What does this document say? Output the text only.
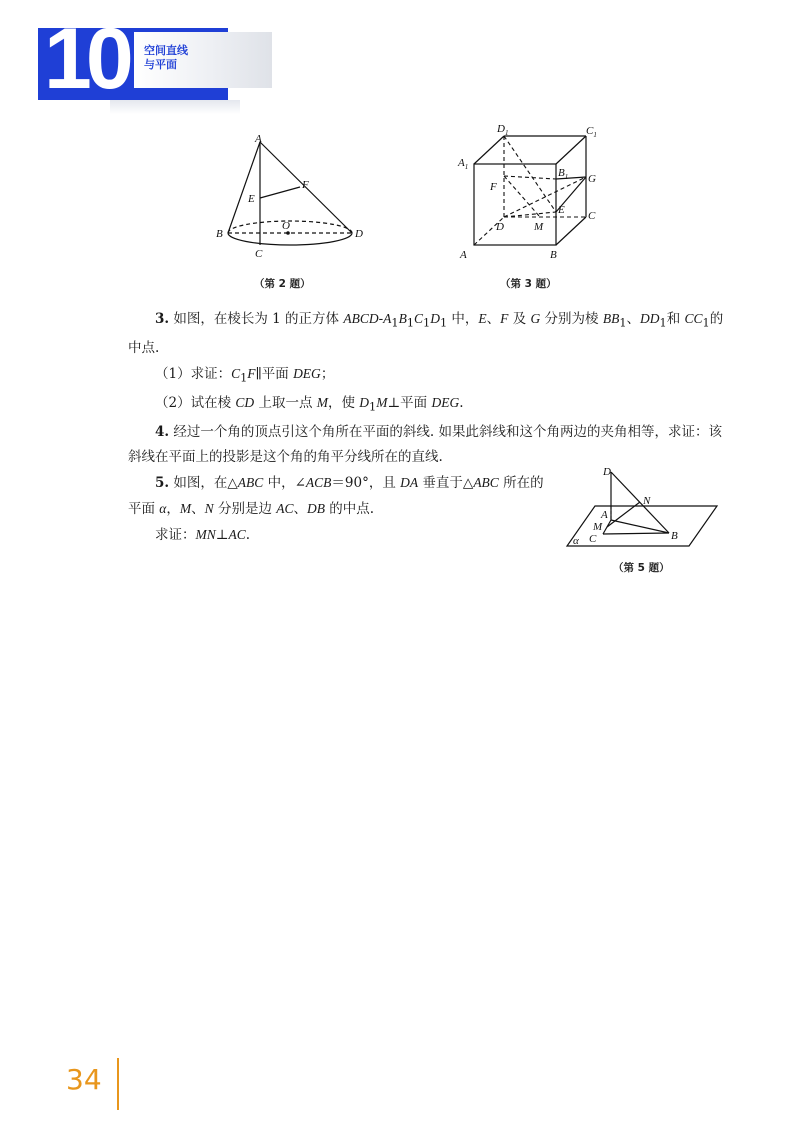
10 空间直线
与平面
A
B
C
D
E
F
O
（第 2 题）
A	B
C
D
$A_1$	$B_1$
$C_1$
$D_1$
E
F
G
M
（第 3 题）

3. 如图，在棱长为 1 的正方体 ABCD-$A_1B_1C_1D_1$ 中，E、F 及 G 分别为棱 $BB_1$、$DD_1$和 $CC_1$的中点.

（1）求证：$C_1F\parallel$平面 DEG；

（2）试在棱 CD 上取一点 M，使 $D_1M\perp$平面 DEG.

4. 经过一个角的顶点引这个角所在平面的斜线. 如果此斜线和这个角两边的夹角相等，求证：该斜线在平面上的投影是这个角的角平分线所在的直线.

5. 如图，在△ABC 中，∠ACB＝90°，且 DA 垂直于△ABC 所在的平面 α，M、N 分别是边 AC、DB 的中点.

求证：MN⊥AC.

D
N
A
M
C	B
α
（第 5 题）
34
